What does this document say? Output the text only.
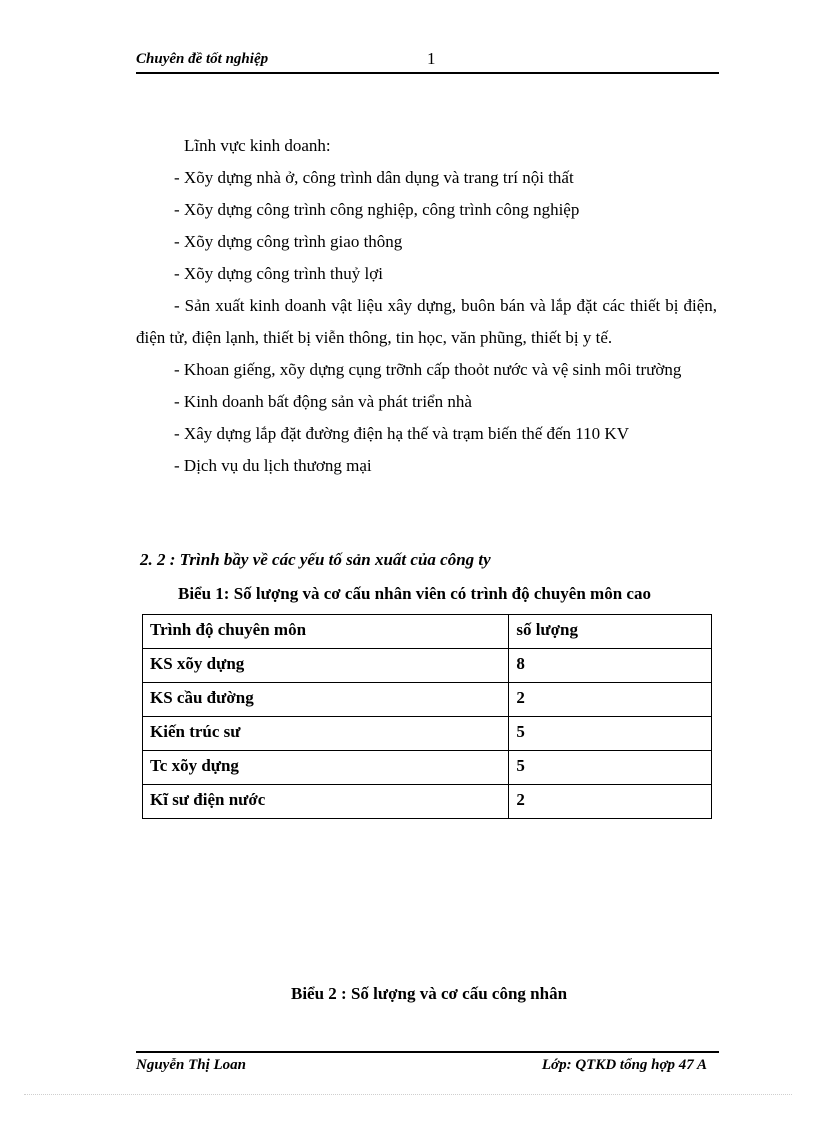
Chuyên đề tốt nghiệp	1

Lĩnh vực kinh doanh:

- Xõy dựng nhà ở, công trình dân dụng và trang trí nội thất

- Xõy dựng công trình công nghiệp, công trình công nghiệp

- Xõy dựng công trình giao thông

- Xõy dựng công trình thuỷ lợi

- Sản xuất kinh doanh vật liệu xây dựng, buôn bán và lắp đặt các thiết bị điện, điện tử, điện lạnh, thiết bị viễn thông, tin học, văn phũng, thiết bị y tế.

- Khoan giếng, xõy dựng cụng trỡnh cấp thoỏt nước và vệ sinh môi trường

- Kinh doanh bất động sản và phát triển nhà

- Xây dựng lắp đặt đường điện hạ thế và trạm biến thế đến 110 KV

- Dịch vụ du lịch thương mại

2. 2 : Trình bầy về các yếu tố sản xuất của công ty
Biểu 1: Số lượng và cơ cấu nhân viên có trình độ chuyên môn cao
Trình độ chuyên môn	số lượng
KS xõy dựng	8
KS cầu đường	2
Kiến trúc sư	5
Tc xõy dựng	5
Kĩ sư điện nước	2
Biểu 2 : Số lượng và cơ cấu công nhân
Nguyễn Thị Loan	Lớp: QTKD tổng hợp 47 A
